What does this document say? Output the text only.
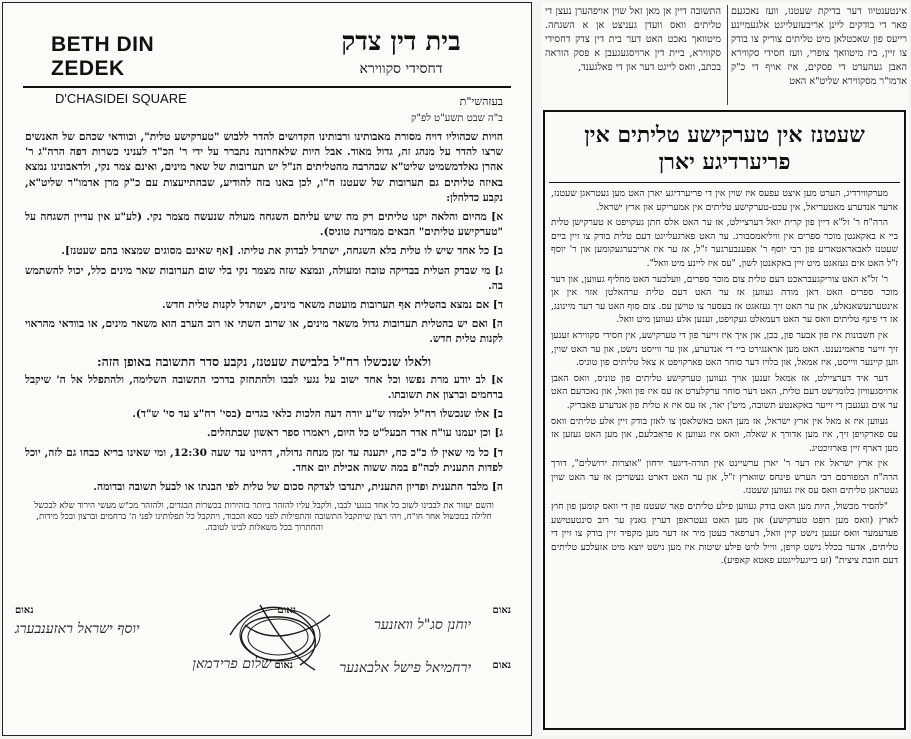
BETH DIN ZEDEK
D'CHASIDEI SQUARE
בית דין צדק
דחסידי סקווירא
בעזהשי"ת
ב"ה שבט תשע"ט לפ"ק

הויות שכהוליו דויה מסורת מאבותינו ורבותינו הקדושים להדר ללבוש "טערקישע טלית", וכוודאי שכהם של האנשים שרצו להדר על מנהג זה, גדול מאוד. אבל היות שלאחרונה נתברר על ידי ר' הכ"ד לעניני כשרות דפה הרה"ג ר' אהרן גאלדמשמיט שליט"א שבהרבה מהטליתים הנ"ל יש תערובות של שאר מינים, ואינם צמר נקי, ולדאבונינו נמצא באיזה טליתים גם תערובות של שעטנז ח"ו, לכן באנו בזה להודיע, שבהתייעצות עם כ"ק מרן אדמו"ר שליט"א, נקבע כדלהלן:

א] מהיום והלאה יקנו טליתים רק מה שיש עליהם השגחה מעולה שנעשה מצמר נקי. (לע"ע אין עדיין השגחה על "טערקישע טליתים" הבאים ממדינת טוניס).

ב] כל אחד שיש לו טלית בלא השגחה, ישתדל לבדוק את טליתו. [אף שאינם מסוגים שמצאו בהם שעטנז].

ג] מי שבדק הטלית בבדיקה טובה ומעולה, ונמצא שזה מצמר נקי בלי שום תערובות שאר מינים כלל, יכול להשתמש בה.

ד] אם נמצא בהטלית אף תערובות מועטת משאר מינים, ישתדל לקנות טלית חדש.

ה] ואם יש בהטלית תערובות גדול משאר מינים, או שרוב השתי או רוב הערב הוא משאר מינים, או בוודאי מהראוי לקנות טלית חדש.

ולאלו שנכשלו רח"ל בלבישת שעטנז, נקבע סדר התשובה באופן הזה:

א] לב יודע מרת נפשו וכל אחד ישוב על נגעי לבבו ולהתחזק בדרכי התשובה השלימה, ולהתפלל אל ה' שיקבל ברחמים וברצון את תשובתו.

ב] אלו שנכשלו רח"ל ילמדו ש"ע יורה דעה הלכות כלאי בגדים (בסי' רח"צ עד סי' ש"ד).

ג] וכן יעמנו עו"ח אדר הבעל"ט כל היום, ויאמרו ספר ראשון שבתהלים.

ד] כל מי שאין לו כ"כ כח, יתענה עד זמן מנחה גדולה, דהיינו עד שעה 12:30, ומי שאינו בריא כבחו גם לזה, יוכל לפדות התענית לכה"פ במה ששוה אכילת יום אחד.

ה] מלבד התענית ופדיון התענית, יתנדבו לצדקה סכום של טלית לפי הבנתו או לבעל תשובה ובדומה.

והשם יעזור את לבבינו לשוב כל אחד בנגעי לבבו, ולקבל עליו להזהר ביותר בזהירות בכשרות הבגדים, ולהזהר מכ"ש מעשי הירוד שלא לבכשל חלילה במכשול אחר חו"ח, ויהי רצון שיתקבל התשובה והתפילות לפני כסא הכבוד, ויתקבל כל תפלותינו לפני ה' ברחמים וברצון ובכל מידות, והחתרוך בכל משאלות לבינו לטובה.
נאום
יוחנן סג"ל וואזנער
נאום
נאום
יוסף ישראל ראזענבערג
נאום
ירחמיאל פישל אלבאנער
נאום
שלום פרידמאן
אינטענטיוו דער בדיקת שעטנז, וועז נאכגעם פאר די בודקים ליינן אריבעזעלייגט אלגעמיינע רייעס פון שאכטלאן מיט טליתים צוריק צו בודק צו זיין, ביז מיטוואך צופרי, וועז חסידי סקווירא האבן געהערט די פסקים, איז אויף די כ"ק אדמו"ר מסקווירא שליט"א האט
התשובה דיין אן מאן זאל שוין אויפהערן נעצן די טליתים וואס וועדן געניצט אן א השגחה. מיטוואך נאכט האט דער בית דין צדק דחסידי סקווירא, ביית דין ארויסגעגעבן א פסק הוראה בכתב, וואס לייגט דער און די פאלגענד,
שעטנז אין טערקישע טליתים אין פריערדיגע יארן

מערקווירדיג, הערט מען איצט עפעס איז שוין אין די פריערדיגע יארן האט מען געטראגן שעטנז, אדער אנדערע מאטעריאל, אין עכט-טערקישע טליתים אין אמעריקע און ארץ ישראל.

הרה"ח ר' זל"א דיין פון קרית יואל דערציילט, אז ער האט אלס חתן געקויפט א טערקישן טלית ביי א באקאנטן מוכר ספרים אין וויליאמסבורג. ער האט פארגעלייגט דעם טלית בודק צו זיין ביים שעטנז לאבאראטאריע פון רבי יוסף ר' אפענבערגער ז"ל, אז ער איז אריבערגעקומען און ר' יוסף ז"ל האט אים געזאגט מיט זיין באקאנטן לשון, "עס איז ליינע מיט וואל".

ר' זל"א האט צוריקגעבראכט דעם טלית צום מוכר ספרים, וועלכער האט מחליף געווען, און דער מוכר ספרים האט דאן מודה געווען אז ער האט דעם טלית ערהאלטן אזוי אין אן אינטערנעשאנאלע, און ער האט זיך געזאגט אז בעסער צו טוישן עס. צום סוף האט ער דער מיינונג, אז די פינף טליתים וואס ער האט דעמאלט געקויפט, זענען אלע געווען מיט וואל.

אין חשבונות איז פון אבער פון, בכן, און איך איז זייער פון די טערקישע, אין חסידי סקווירא זענען זיך זייער פראמינענט. האט מען אראנגירט ביי די אנדערע, און ער ווייסט נישט, און ער האט שוין, ווען קיינער ווייסט, איז אמאל, און בלויז דער סוחר האט פארקויפט א צאל טליתים פון טוניס.

דער איד דערציילט, אז אמאל זענען אויך געווען טערקישע טליתים פון טוניס, וואס האבן ארויסגעוויזן כלומרשט דעם טלית, האט דער סוחר ערקלערט אז עס איז פון וואל, און נאכדעם האט ער אים געגעבן די זייער באקאנטע תשובה, מיט'ן יאר, אז עס איז א טלית פון אנדערע פאבריק.

געווען איז א מאל אין ארץ ישראל, אז מען האט באשלאסן צו לאזן בודק זיין אלע טליתים וואס עס פארקויפן זיך, איז מען אדורך א שאלה, וואס איז געווען א פראבלעם, און מען האט געזען אז מען דארף זיין פארזיכטיג.

אין ארץ ישראל איז דער ר' יארן ערשיינט אין תורה-דיגער ירחון "אוצרות ירושלים", דורך הרה"ח המפורסם רבי הערש פינחס שווארץ ז"ל, און ער האט דארט געשריבן אז ער האט שוין געטראגן טליתים וואס עס איז געווען שעטנז.

"להסיר מכשול, היות מען האט בודק געווען פילע טליתים פאר שעטנז פון די וואס קומען פון חוץ לארץ (וואס מען רופט טערקישע) און מען האט געטראפן דערין גאנץ ער רוב סינטעטישע פעדעמער וואס זענען נישט קיין וואל, דערפאר בעטן מיר אז דער מען מקפיד זיין בודק צו זיין די טליתים, אדער בכלל נישט קויפן, ווייל לויט פילע שיטות איז מען נישט יוצא מיט אזעלכע טליתים דעם חובת ציצית" (זע בייגעלייגטע פאטא קאפיע).
